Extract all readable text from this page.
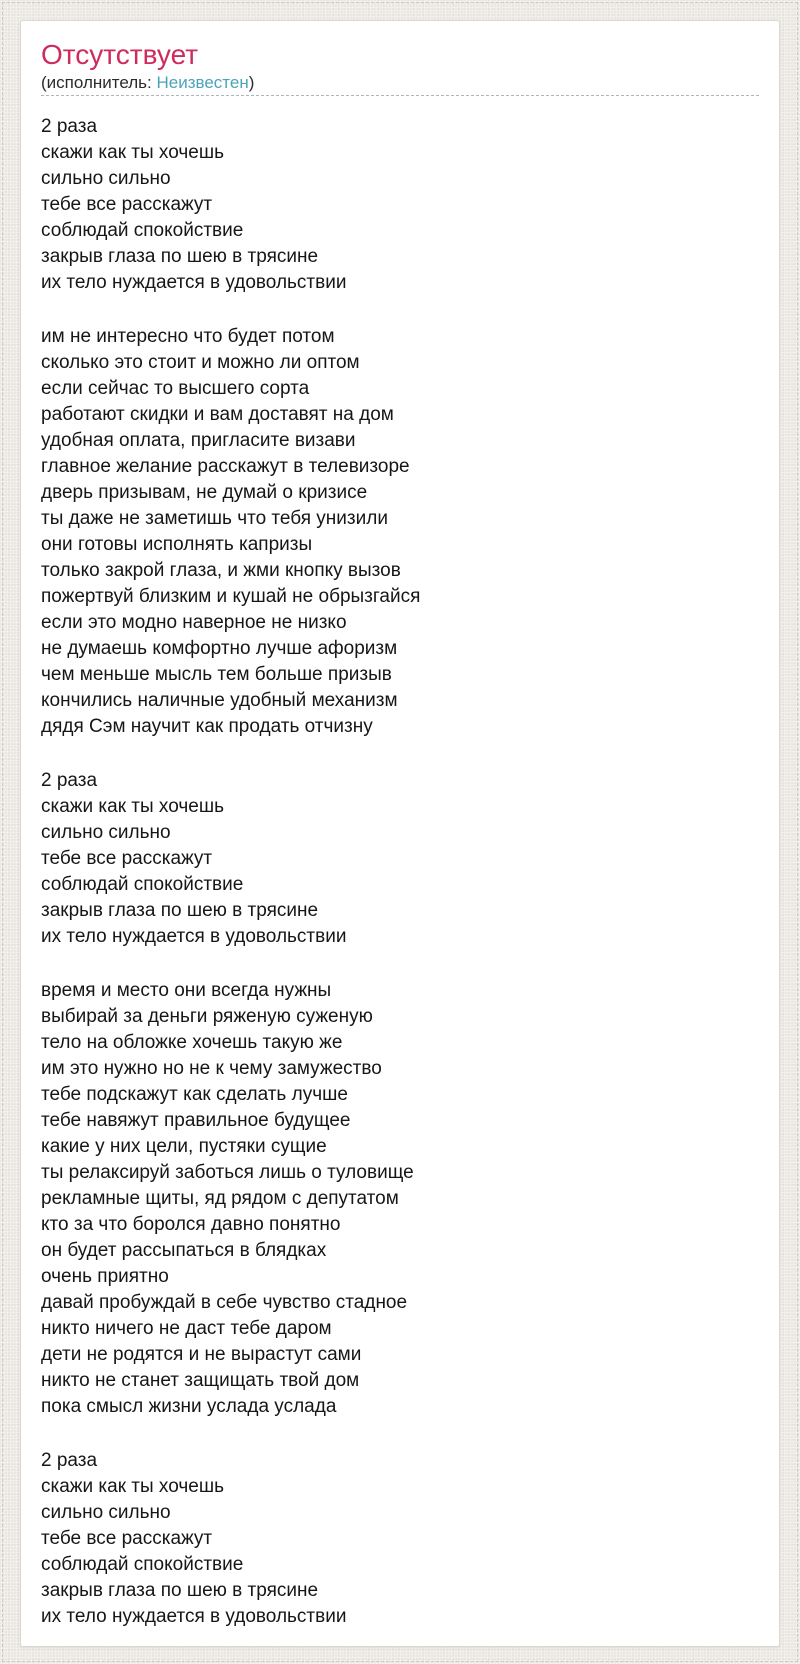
Отсутствует
(исполнитель: Неизвестен)
2 раза
скажи как ты хочешь
сильно сильно
тебе все расскажут
соблюдай спокойствие
закрыв глаза по шею в трясине
их тело нуждается в удовольствии
им не интересно что будет потом
сколько это стоит и можно ли оптом
если сейчас то высшего сорта
работают скидки и вам доставят на дом
удобная оплата, пригласите визави
главное желание расскажут в телевизоре
дверь призывам, не думай о кризисе
ты даже не заметишь что тебя унизили
они готовы исполнять капризы
только закрой глаза, и жми кнопку вызов
пожертвуй близким и кушай не обрызгайся
если это модно наверное не низко
не думаешь комфортно лучше афоризм
чем меньше мысль тем больше призыв
кончились наличные удобный механизм
дядя Сэм научит как продать отчизну
2 раза
скажи как ты хочешь
сильно сильно
тебе все расскажут
соблюдай спокойствие
закрыв глаза по шею в трясине
их тело нуждается в удовольствии
время и место они всегда нужны
выбирай за деньги ряженую суженую
тело на обложке хочешь такую же
им это нужно но не к чему замужество
тебе подскажут как сделать лучше
тебе навяжут правильное будущее
какие у них цели, пустяки сущие
ты релаксируй заботься лишь о туловище
рекламные щиты, яд рядом с депутатом
кто за что боролся давно понятно
он будет рассыпаться в блядках
очень приятно
давай пробуждай в себе чувство стадное
никто ничего не даст тебе даром
дети не родятся и не вырастут сами
никто не станет защищать твой дом
пока смысл жизни услада услада
2 раза
скажи как ты хочешь
сильно сильно
тебе все расскажут
соблюдай спокойствие
закрыв глаза по шею в трясине
их тело нуждается в удовольствии
